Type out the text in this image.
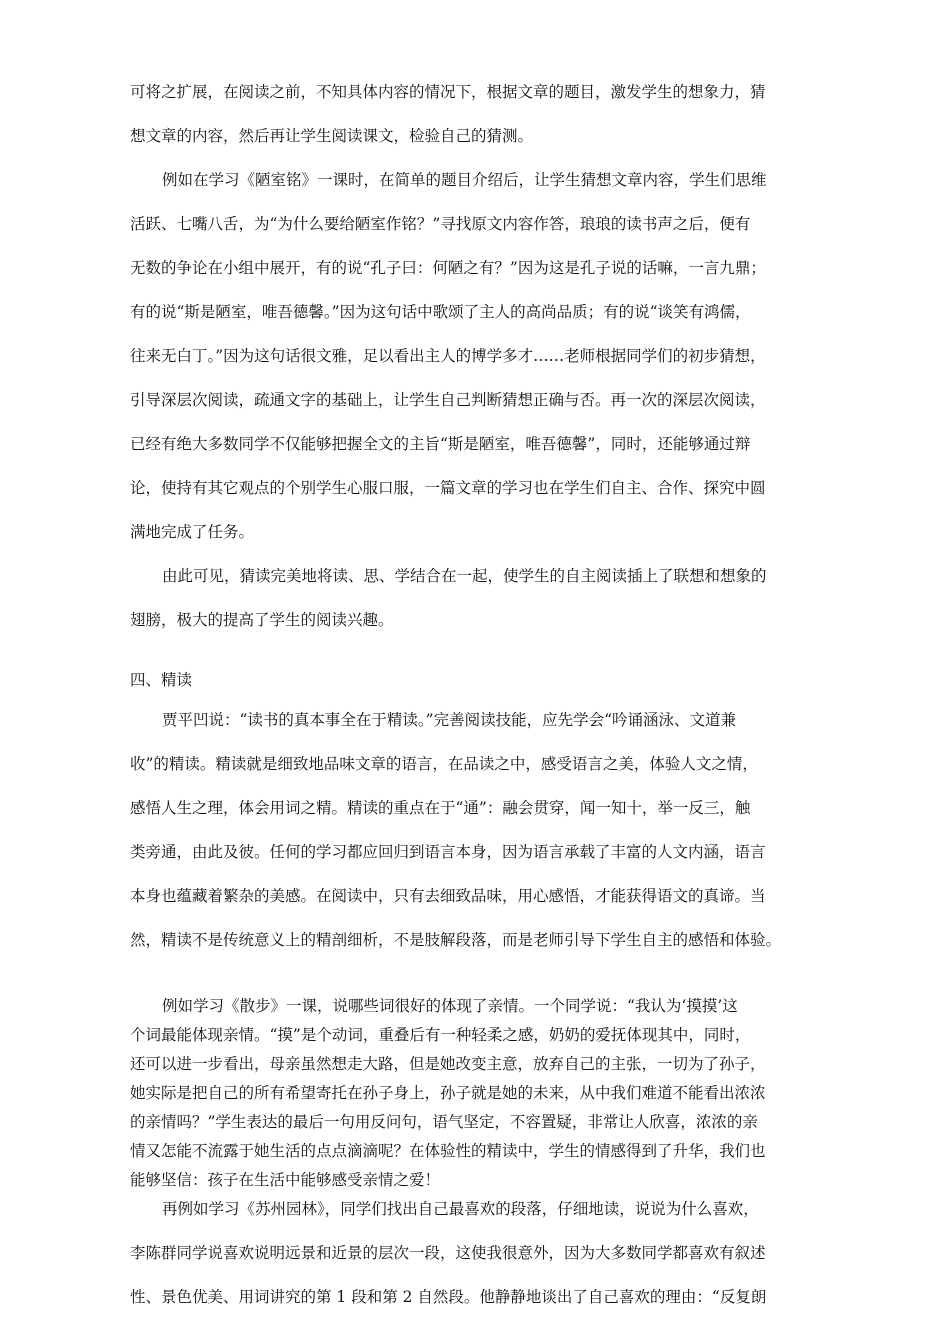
可将之扩展，在阅读之前，不知具体内容的情况下，根据文章的题目，激发学生的想象力，猜

想文章的内容，然后再让学生阅读课文，检验自己的猜测。

例如在学习《陋室铭》一课时，在简单的题目介绍后，让学生猜想文章内容，学生们思维

活跃、七嘴八舌，为“为什么要给陋室作铭？”寻找原文内容作答，琅琅的读书声之后，便有

无数的争论在小组中展开，有的说“孔子曰：何陋之有？”因为这是孔子说的话嘛，一言九鼎；

有的说“斯是陋室，唯吾德馨。”因为这句话中歌颂了主人的高尚品质；有的说“谈笑有鸿儒，

往来无白丁。”因为这句话很文雅，足以看出主人的博学多才……老师根据同学们的初步猜想，

引导深层次阅读，疏通文字的基础上，让学生自己判断猜想正确与否。再一次的深层次阅读，

已经有绝大多数同学不仅能够把握全文的主旨“斯是陋室，唯吾德馨”，同时，还能够通过辩

论，使持有其它观点的个别学生心服口服，一篇文章的学习也在学生们自主、合作、探究中圆

满地完成了任务。

由此可见，猜读完美地将读、思、学结合在一起，使学生的自主阅读插上了联想和想象的

翅膀，极大的提高了学生的阅读兴趣。

四、精读

贾平凹说：“读书的真本事全在于精读。”完善阅读技能，应先学会“吟诵涵泳、文道兼

收”的精读。精读就是细致地品味文章的语言，在品读之中，感受语言之美，体验人文之情，

感悟人生之理，体会用词之精。精读的重点在于“通”：融会贯穿，闻一知十，举一反三，触

类旁通，由此及彼。任何的学习都应回归到语言本身，因为语言承载了丰富的人文内涵，语言

本身也蕴藏着繁杂的美感。在阅读中，只有去细致品味，用心感悟，才能获得语文的真谛。当

然，精读不是传统意义上的精剖细析，不是肢解段落，而是老师引导下学生自主的感悟和体验。

例如学习《散步》一课，说哪些词很好的体现了亲情。一个同学说：“我认为‘摸摸’这

个词最能体现亲情。“摸”是个动词，重叠后有一种轻柔之感，奶奶的爱抚体现其中，同时，

还可以进一步看出，母亲虽然想走大路，但是她改变主意，放弃自己的主张，一切为了孙子，

她实际是把自己的所有希望寄托在孙子身上，孙子就是她的未来，从中我们难道不能看出浓浓

的亲情吗？”学生表达的最后一句用反问句，语气坚定，不容置疑，非常让人欣喜，浓浓的亲

情又怎能不流露于她生活的点点滴滴呢？在体验性的精读中，学生的情感得到了升华，我们也

能够坚信：孩子在生活中能够感受亲情之爱！

再例如学习《苏州园林》，同学们找出自己最喜欢的段落，仔细地读，说说为什么喜欢，

李陈群同学说喜欢说明远景和近景的层次一段，这使我很意外，因为大多数同学都喜欢有叙述

性、景色优美、用词讲究的第 1 段和第 2 自然段。他静静地谈出了自己喜欢的理由：“反复朗
